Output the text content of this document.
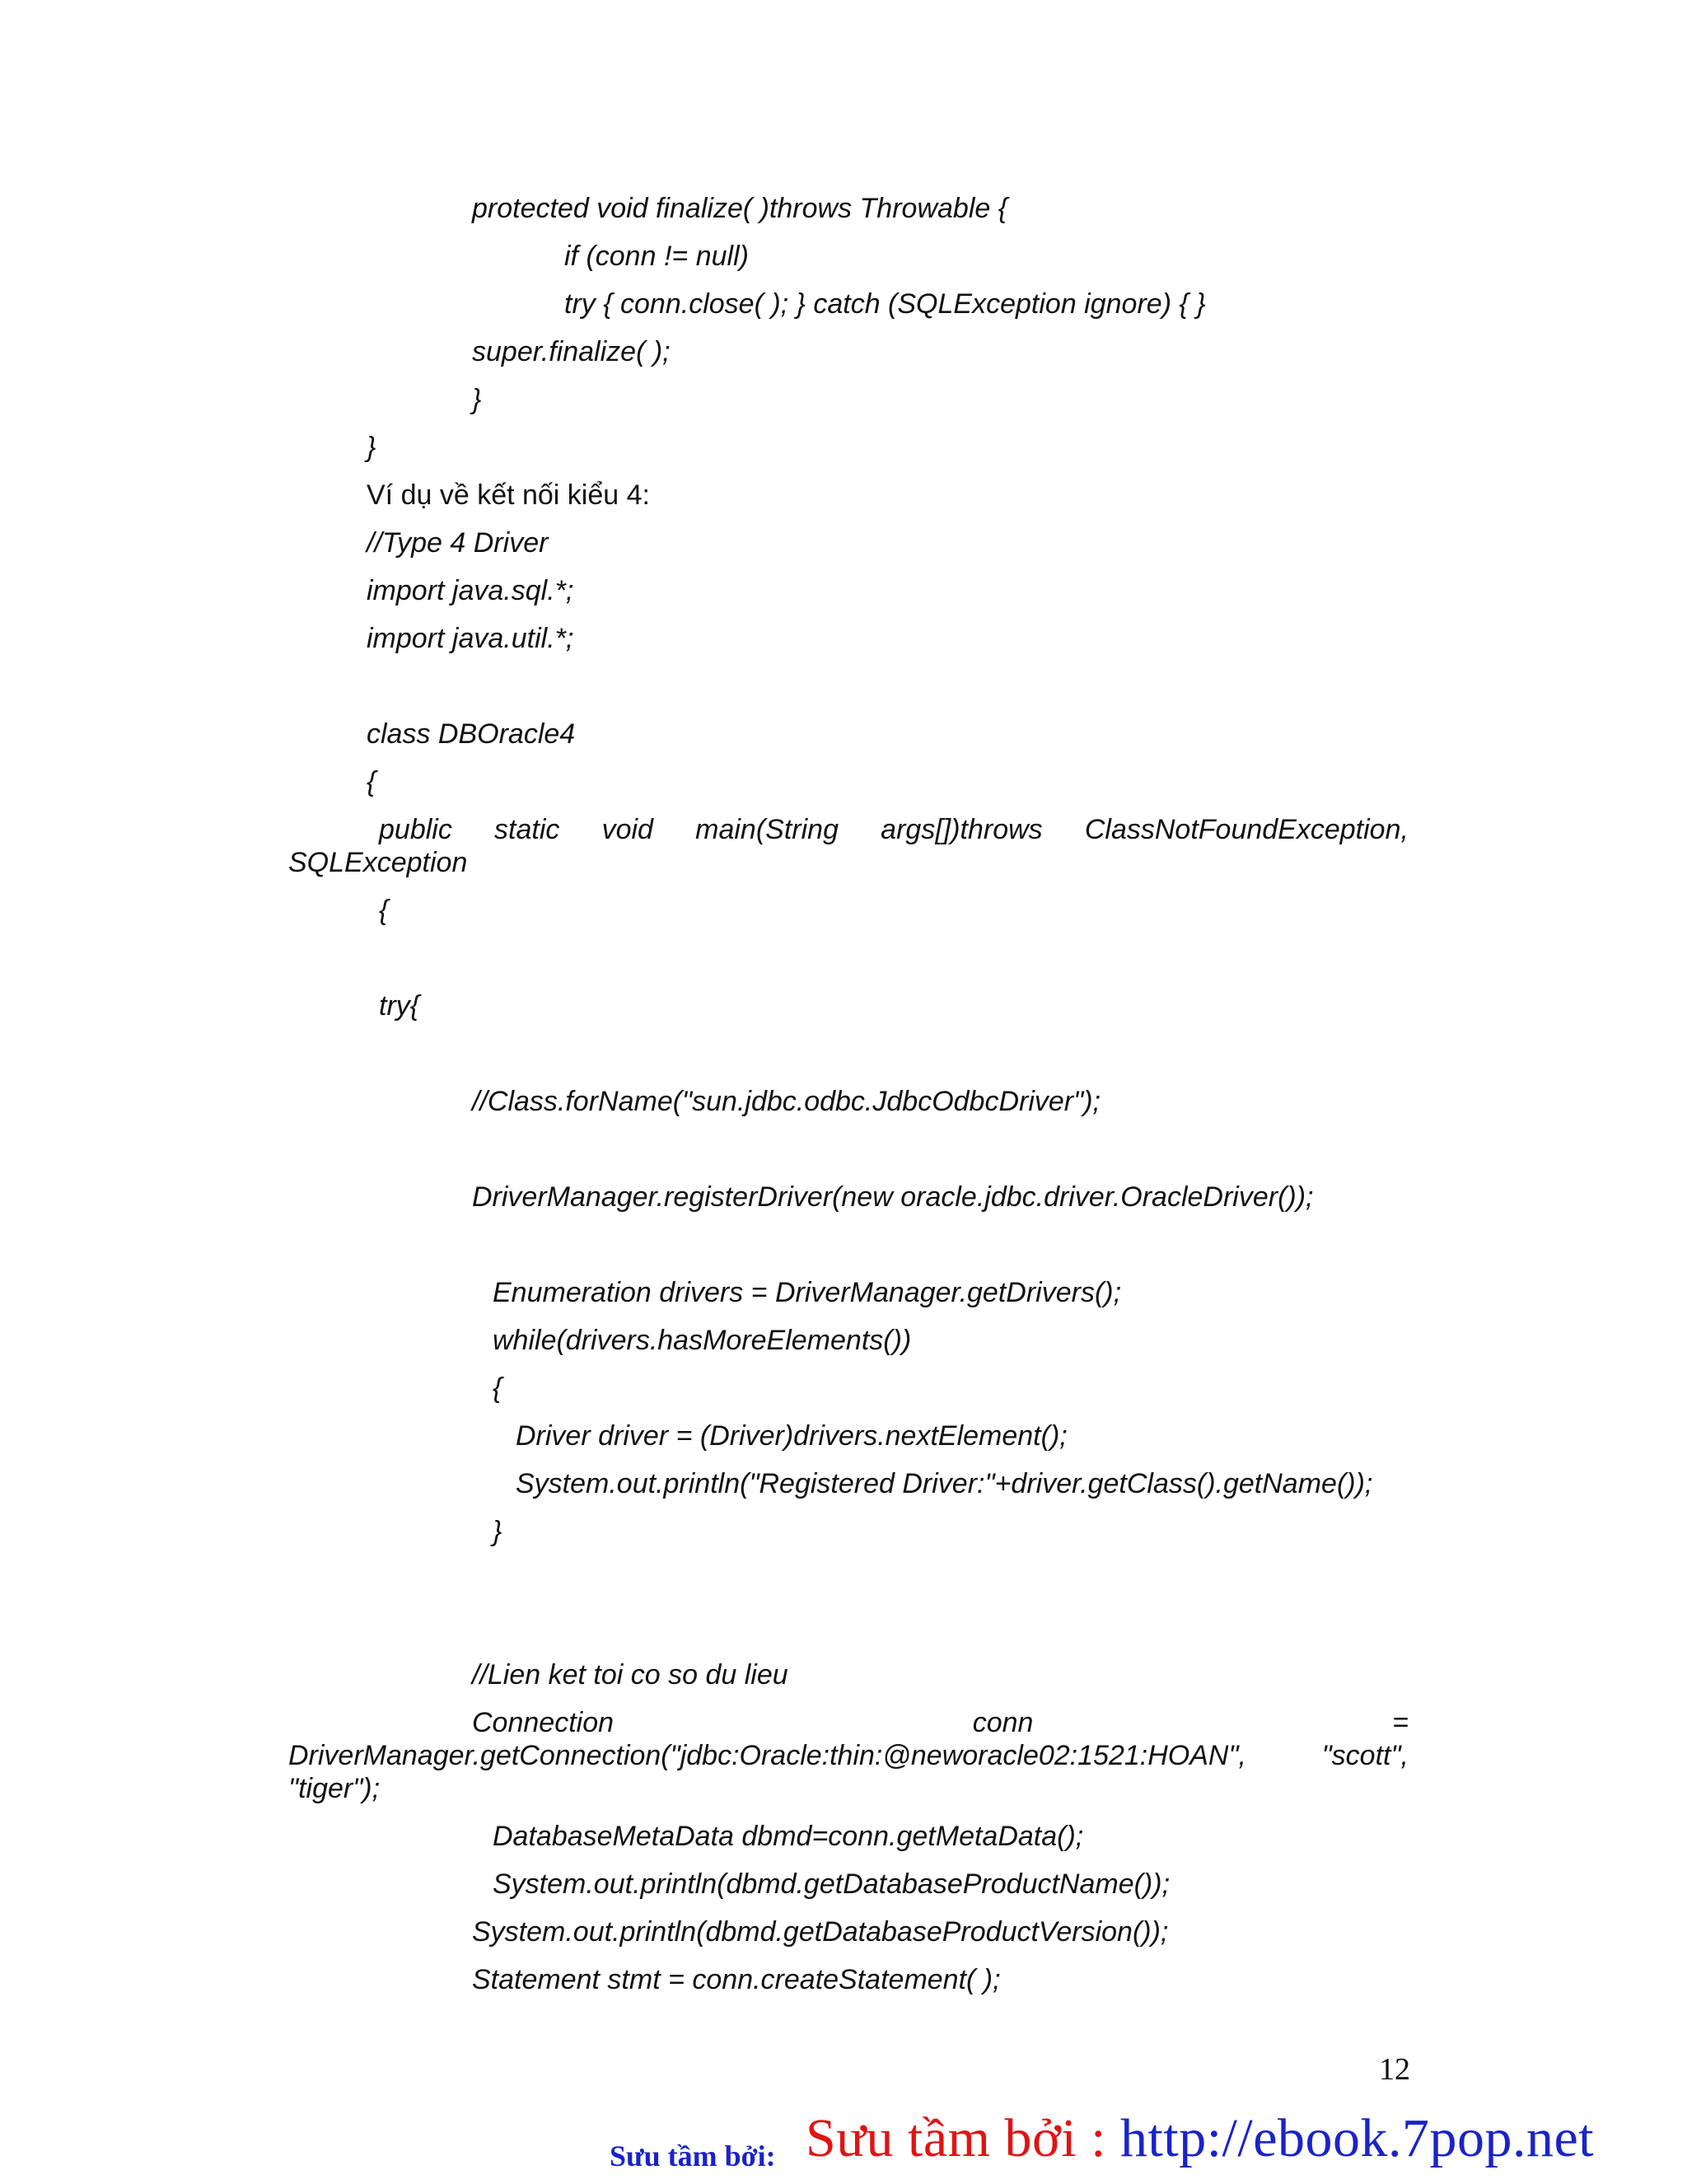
protected void finalize( )throws Throwable {

if (conn != null)

try { conn.close( ); } catch (SQLException ignore) { }

super.finalize( );

}

}

Ví dụ về kết nối kiểu 4:

//Type 4 Driver

import java.sql.*;

import java.util.*;

class DBOracle4

{

public static void main(String args[])throws ClassNotFoundException,

SQLException

{

try{

//Class.forName("sun.jdbc.odbc.JdbcOdbcDriver");

DriverManager.registerDriver(new oracle.jdbc.driver.OracleDriver());

Enumeration drivers = DriverManager.getDrivers();

while(drivers.hasMoreElements())

{

Driver driver = (Driver)drivers.nextElement();

System.out.println("Registered Driver:"+driver.getClass().getName());

}

//Lien ket toi co so du lieu

Connection	conn	=
DriverManager.getConnection("jdbc:Oracle:thin:@neworacle02:1521:HOAN",	"scott",

"tiger");

DatabaseMetaData dbmd=conn.getMetaData();

System.out.println(dbmd.getDatabaseProductName());

System.out.println(dbmd.getDatabaseProductVersion());

Statement stmt = conn.createStatement( );

12
Sưu tầm bởi : http://ebook.7pop.net
Sưu tầm bởi:
